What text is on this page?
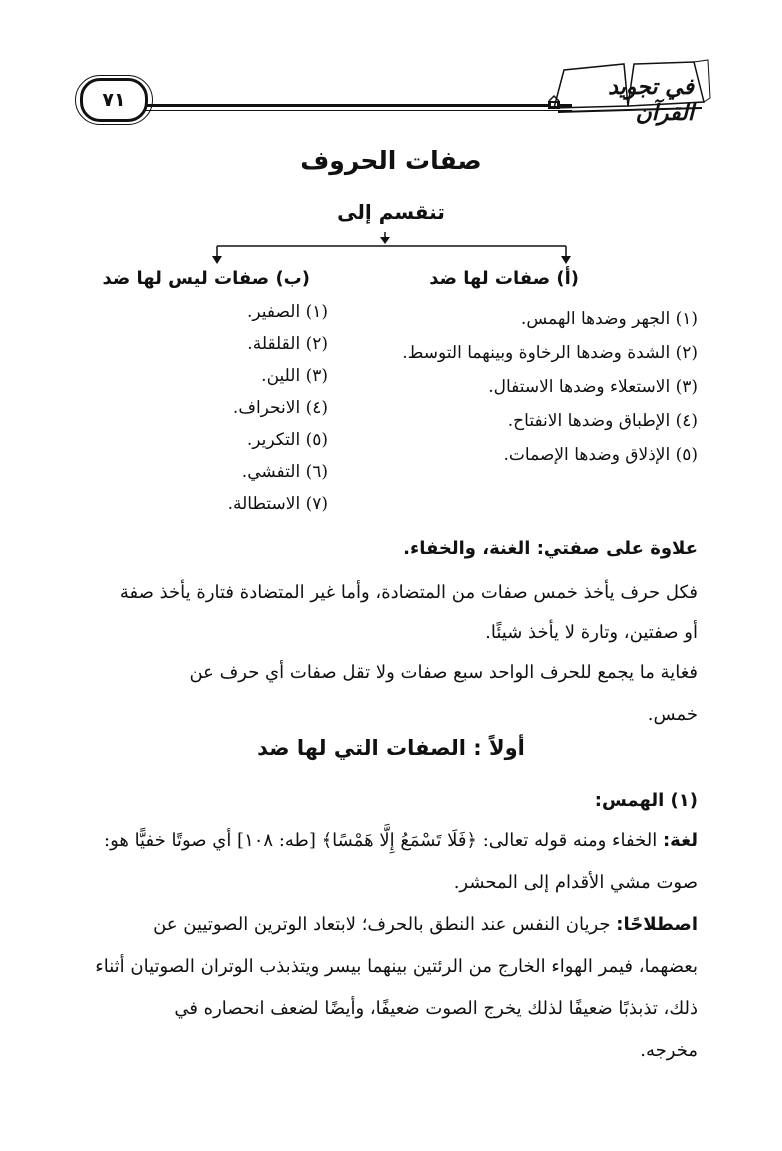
٧١	في تجويد القرآن
صفات الحروف
تنقسم إلى
(أ) صفات لها ضد
(١) الجهر وضدها الهمس.
(٢) الشدة وضدها الرخاوة وبينهما التوسط.
(٣) الاستعلاء وضدها الاستفال.
(٤) الإطباق وضدها الانفتاح.
(٥) الإذلاق وضدها الإصمات.
(ب) صفات ليس لها ضد
(١) الصفير.
(٢) القلقلة.
(٣) اللين.
(٤) الانحراف.
(٥) التكرير.
(٦) التفشي.
(٧) الاستطالة.
علاوة على صفتي: الغنة، والخفاء.
فكل حرف يأخذ خمس صفات من المتضادة، وأما غير المتضادة فتارة يأخذ صفة
أو صفتين، وتارة لا يأخذ شيئًا.
فغاية ما يجمع للحرف الواحد سبع صفات ولا تقل صفات أي حرف عن
خمس.
أولاً : الصفات التي لها ضد
(١) الهمس:
لغة: الخفاء ومنه قوله تعالى: ﴿فَلَا تَسْمَعُ إِلَّا هَمْسًا﴾ [طه: ١٠٨] أي صوتًا خفيًّا هو:
صوت مشي الأقدام إلى المحشر.
اصطلاحًا: جريان النفس عند النطق بالحرف؛ لابتعاد الوترين الصوتيين عن
بعضهما، فيمر الهواء الخارج من الرئتين بينهما بيسر ويتذبذب الوتران الصوتيان أثناء
ذلك، تذبذبًا ضعيفًا لذلك يخرج الصوت ضعيفًا، وأيضًا لضعف انحصاره في
مخرجه.
